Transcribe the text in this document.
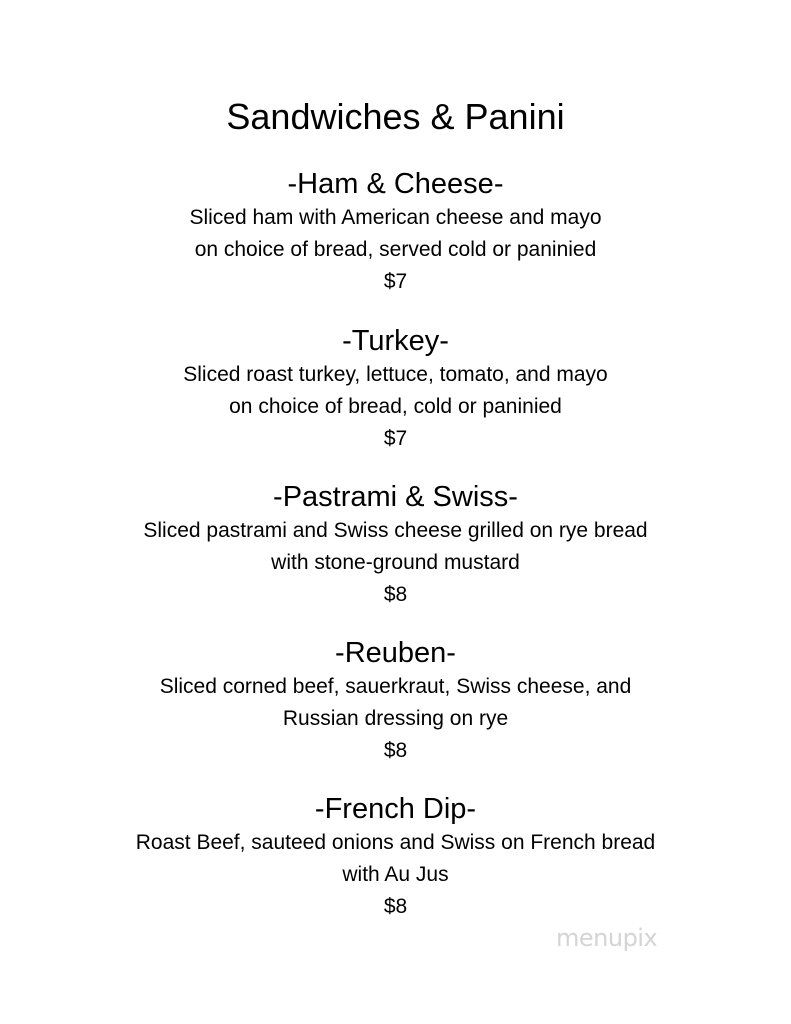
Sandwiches & Panini

-Ham & Cheese-

Sliced ham with American cheese and mayo
on choice of bread, served cold or paninied

$7

-Turkey-

Sliced roast turkey, lettuce, tomato, and mayo
on choice of bread, cold or paninied

$7

-Pastrami & Swiss-

Sliced pastrami and Swiss cheese grilled on rye bread
with stone-ground mustard

$8

-Reuben-

Sliced corned beef, sauerkraut, Swiss cheese, and
Russian dressing on rye

$8

-French Dip-

Roast Beef, sauteed onions and Swiss on French bread
with Au Jus

$8

menupix
